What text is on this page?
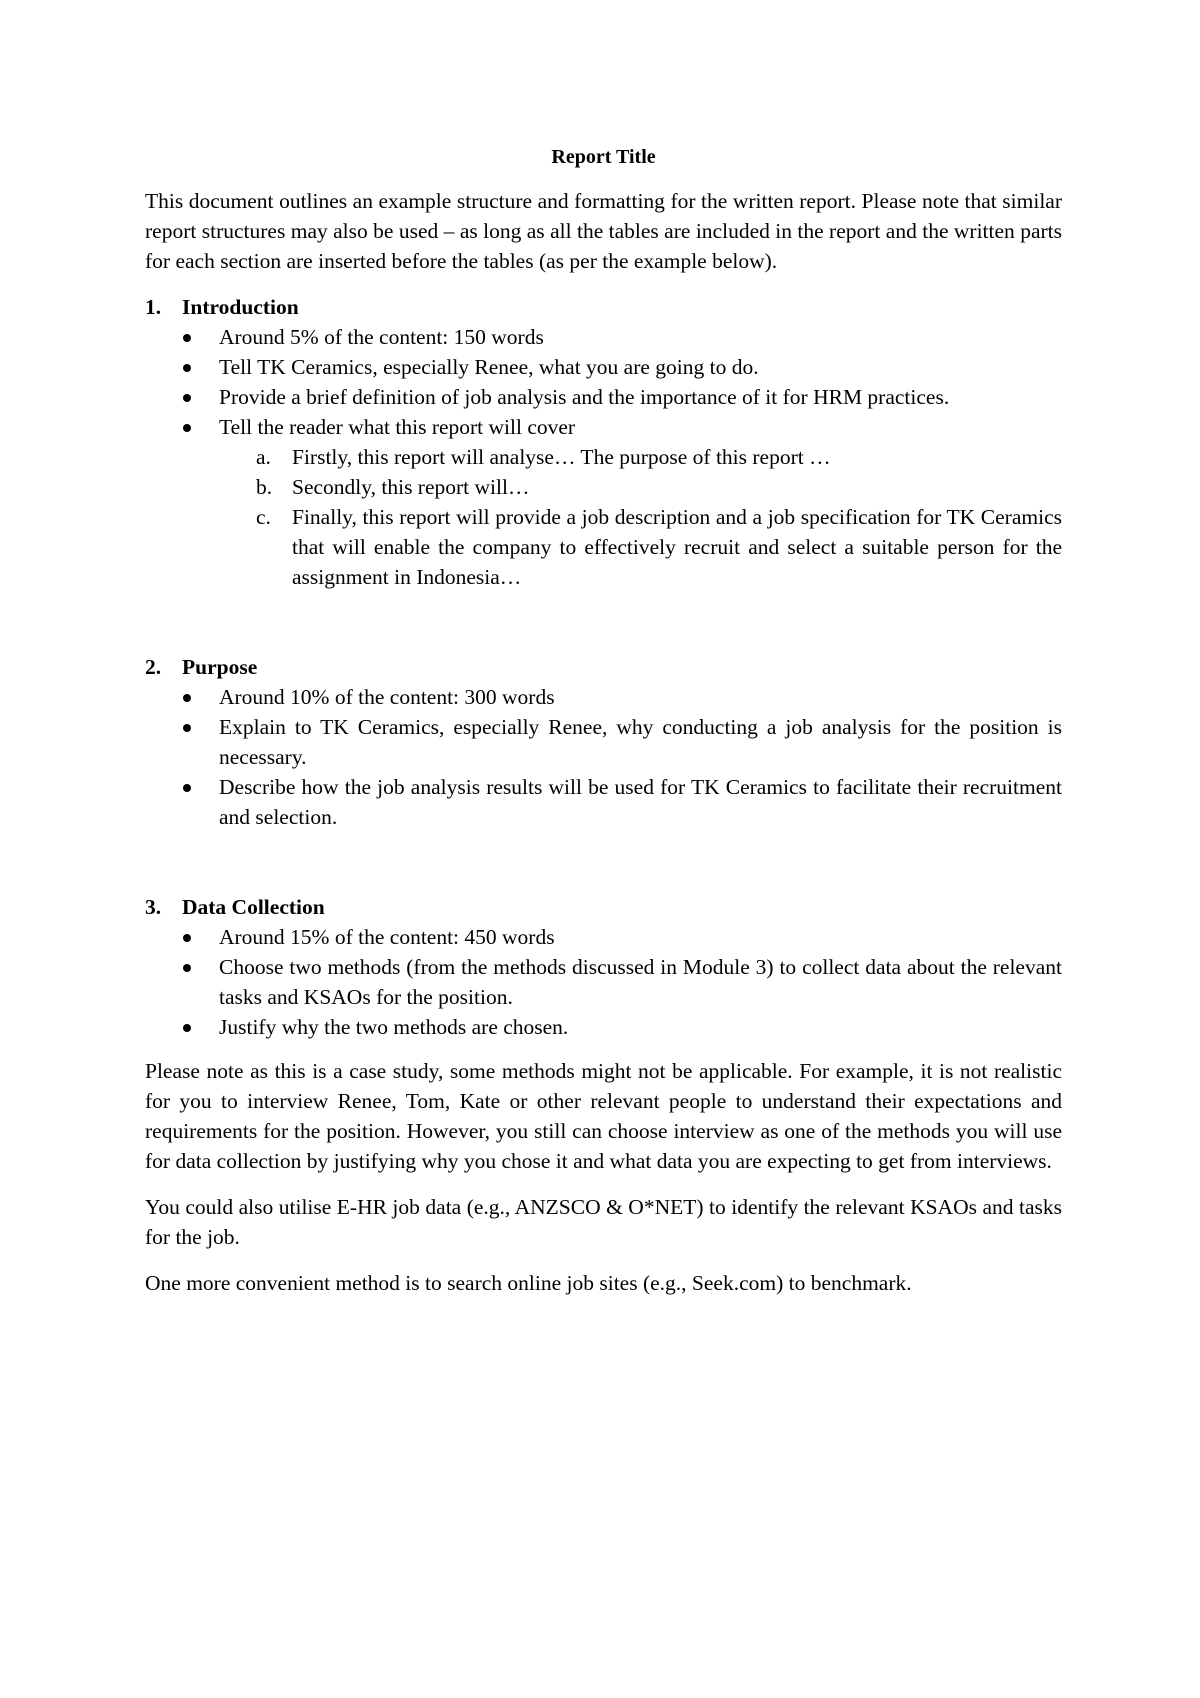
Report Title

This document outlines an example structure and formatting for the written report. Please note that similar report structures may also be used – as long as all the tables are included in the report and the written parts for each section are inserted before the tables (as per the example below).

1. Introduction
Around 5% of the content: 150 words
Tell TK Ceramics, especially Renee, what you are going to do.
Provide a brief definition of job analysis and the importance of it for HRM practices.
Tell the reader what this report will cover
a. Firstly, this report will analyse… The purpose of this report …
b. Secondly, this report will…
c. Finally, this report will provide a job description and a job specification for TK Ceramics that will enable the company to effectively recruit and select a suitable person for the assignment in Indonesia…
2. Purpose
Around 10% of the content: 300 words
Explain to TK Ceramics, especially Renee, why conducting a job analysis for the position is necessary.
Describe how the job analysis results will be used for TK Ceramics to facilitate their recruitment and selection.
3. Data Collection
Around 15% of the content: 450 words
Choose two methods (from the methods discussed in Module 3) to collect data about the relevant tasks and KSAOs for the position.
Justify why the two methods are chosen.

Please note as this is a case study, some methods might not be applicable. For example, it is not realistic for you to interview Renee, Tom, Kate or other relevant people to understand their expectations and requirements for the position. However, you still can choose interview as one of the methods you will use for data collection by justifying why you chose it and what data you are expecting to get from interviews.

You could also utilise E-HR job data (e.g., ANZSCO & O*NET) to identify the relevant KSAOs and tasks for the job.

One more convenient method is to search online job sites (e.g., Seek.com) to benchmark.
